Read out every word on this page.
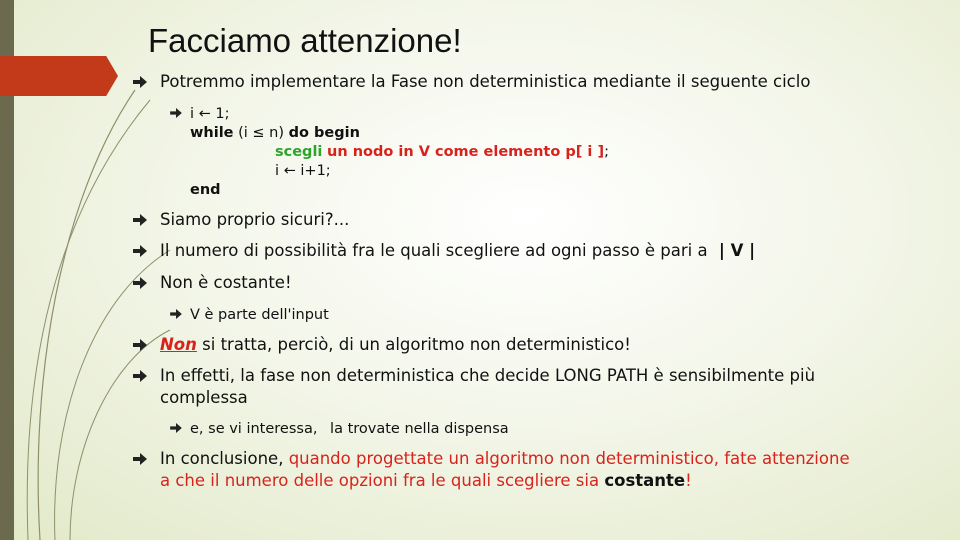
Facciamo attenzione!
Potremmo implementare la Fase non deterministica mediante il seguente ciclo
i ← 1;
while (i ≤ n) do begin
scegli un nodo in V come elemento p[ i ];
i ← i+1;
end
Siamo proprio sicuri?...
Il numero di possibilità fra le quali scegliere ad ogni passo è pari a | V |
Non è costante!
V è parte dell'input
Non si tratta, perciò, di un algoritmo non deterministico!
In effetti, la fase non deterministica che decide LONG PATH è sensibilmente più
complessa
e, se vi interessa, la trovate nella dispensa
In conclusione, quando progettate un algoritmo non deterministico, fate attenzione
a che il numero delle opzioni fra le quali scegliere sia costante!
